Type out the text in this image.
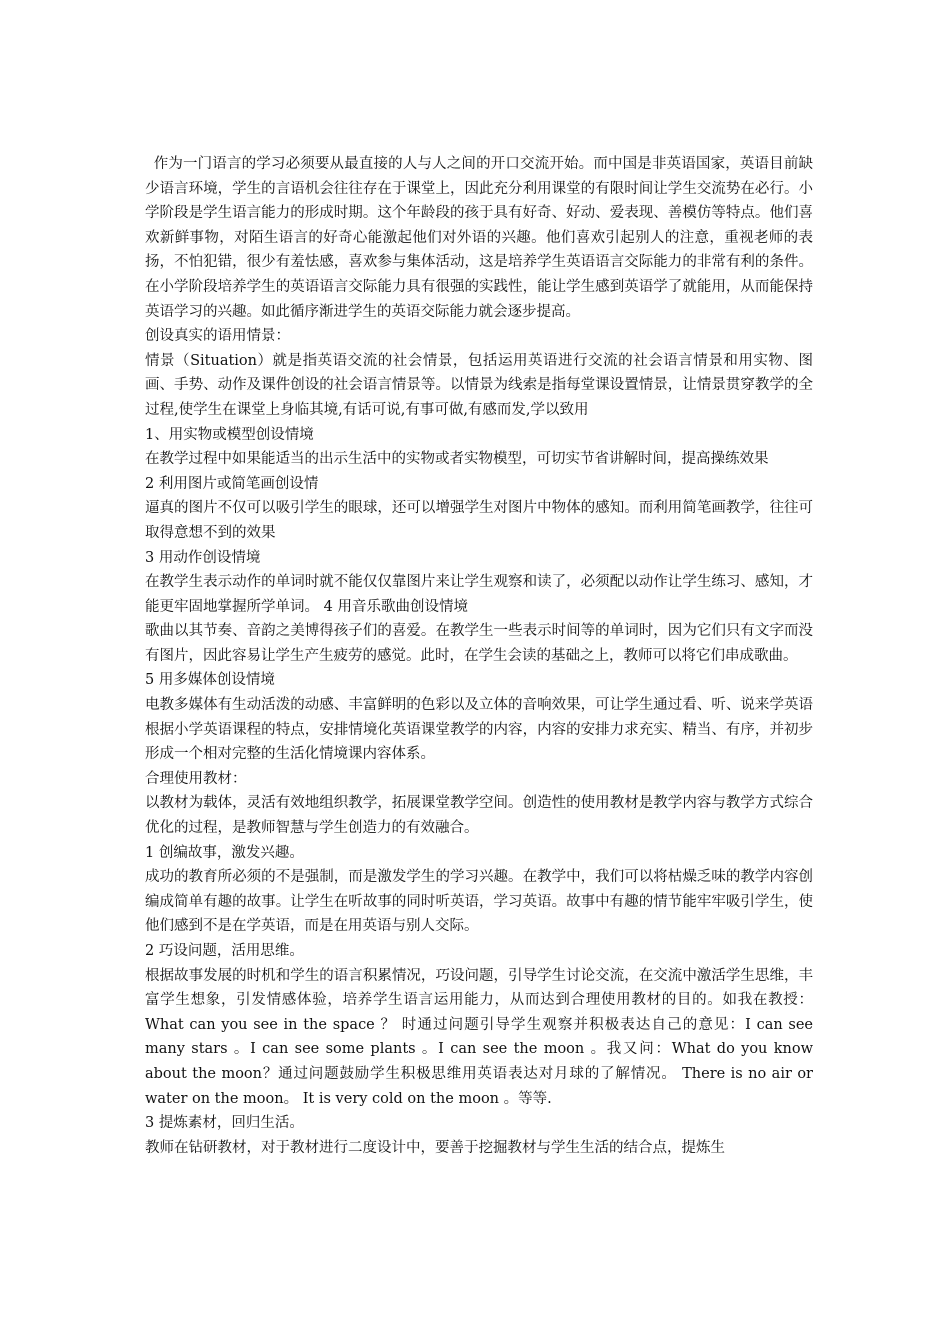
作为一门语言的学习必须要从最直接的人与人之间的开口交流开始。而中国是非英语国家，英语目前缺少语言环境，学生的言语机会往往存在于课堂上，因此充分利用课堂的有限时间让学生交流势在必行。小学阶段是学生语言能力的形成时期。这个年龄段的孩于具有好奇、好动、爱表现、善模仿等特点。他们喜欢新鲜事物，对陌生语言的好奇心能激起他们对外语的兴趣。他们喜欢引起别人的注意，重视老师的表扬，不怕犯错，很少有羞怯感，喜欢参与集体活动，这是培养学生英语语言交际能力的非常有利的条件。在小学阶段培养学生的英语语言交际能力具有很强的实践性，能让学生感到英语学了就能用，从而能保持英语学习的兴趣。如此循序渐进学生的英语交际能力就会逐步提高。

创设真实的语用情景：

情景（Situation）就是指英语交流的社会情景，包括运用英语进行交流的社会语言情景和用实物、图画、手势、动作及课件创设的社会语言情景等。以情景为线索是指每堂课设置情景，让情景贯穿教学的全过程,使学生在课堂上身临其境,有话可说,有事可做,有感而发,学以致用

1、用实物或模型创设情境

在教学过程中如果能适当的出示生活中的实物或者实物模型，可切实节省讲解时间，提高操练效果

2 利用图片或简笔画创设情

逼真的图片不仅可以吸引学生的眼球，还可以增强学生对图片中物体的感知。而利用简笔画教学，往往可取得意想不到的效果

3 用动作创设情境

在教学生表示动作的单词时就不能仅仅靠图片来让学生观察和读了，必须配以动作让学生练习、感知，才能更牢固地掌握所学单词。 4 用音乐歌曲创设情境

歌曲以其节奏、音韵之美博得孩子们的喜爱。在教学生一些表示时间等的单词时，因为它们只有文字而没有图片，因此容易让学生产生疲劳的感觉。此时，在学生会读的基础之上，教师可以将它们串成歌曲。

5 用多媒体创设情境

电教多媒体有生动活泼的动感、丰富鲜明的色彩以及立体的音响效果，可让学生通过看、听、说来学英语根据小学英语课程的特点，安排情境化英语课堂教学的内容，内容的安排力求充实、精当、有序，并初步形成一个相对完整的生活化情境课内容体系。

合理使用教材：

以教材为载体，灵活有效地组织教学，拓展课堂教学空间。创造性的使用教材是教学内容与教学方式综合优化的过程，是教师智慧与学生创造力的有效融合。

1 创编故事，激发兴趣。

成功的教育所必须的不是强制，而是激发学生的学习兴趣。在教学中，我们可以将枯燥乏味的教学内容创编成简单有趣的故事。让学生在听故事的同时听英语，学习英语。故事中有趣的情节能牢牢吸引学生，使他们感到不是在学英语，而是在用英语与别人交际。

2 巧设问题，活用思维。

根据故事发展的时机和学生的语言积累情况，巧设问题，引导学生讨论交流，在交流中激活学生思维，丰富学生想象，引发情感体验，培养学生语言运用能力，从而达到合理使用教材的目的。如我在教授：What can you see in the space ？ 时通过问题引导学生观察并积极表达自己的意见：I can see many stars 。I can see some plants 。I can see the moon 。我又问：What do you know about the moon？通过问题鼓励学生积极思维用英语表达对月球的了解情况。 There is no air or water on the moon。 It is very cold on the moon 。等等.

3 提炼素材，回归生活。

教师在钻研教材，对于教材进行二度设计中，要善于挖掘教材与学生生活的结合点，提炼生
